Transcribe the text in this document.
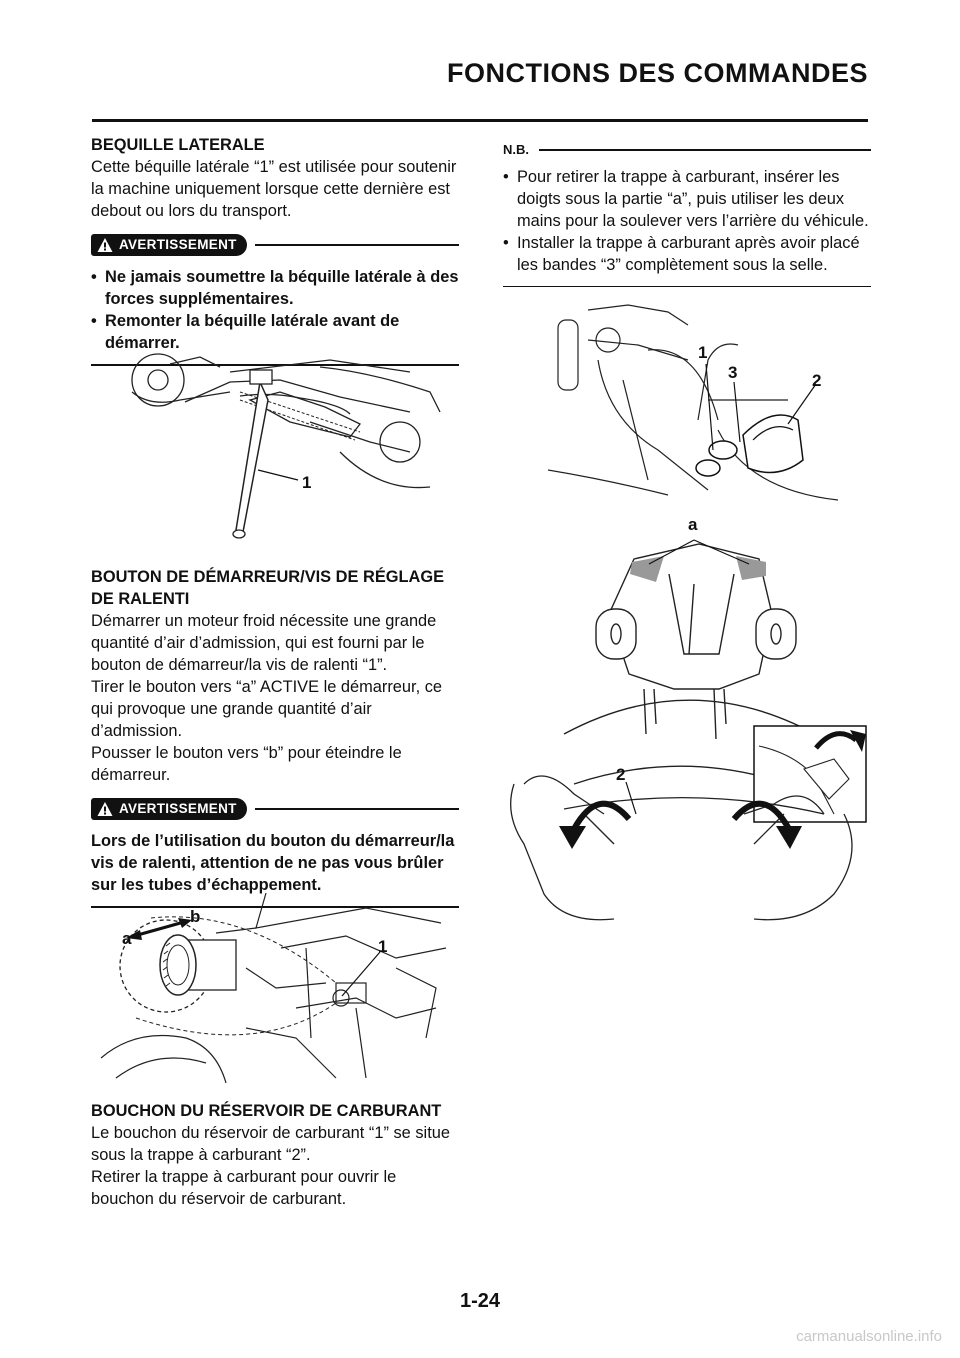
FONCTIONS DES COMMANDES

BEQUILLE LATERALE

Cette béquille latérale “1” est utilisée pour soutenir la machine uniquement lorsque cette dernière est debout ou lors du transport.

AVERTISSEMENT
• Ne jamais soumettre la béquille latérale à des forces supplémentaires.
• Remonter la béquille latérale avant de démarrer.
1

BOUTON DE DÉMARREUR/VIS DE RÉGLAGE DE RALENTI

Démarrer un moteur froid nécessite une grande quantité d’air d’admission, qui est fourni par le bouton de démarreur/la vis de ralenti “1”.

Tirer le bouton vers “a” ACTIVE le démarreur, ce qui provoque une grande quantité d’air d’admission.

Pousser le bouton vers “b” pour éteindre le démarreur.

AVERTISSEMENT
Lors de l’utilisation du bouton du démarreur/la vis de ralenti, attention de ne pas vous brûler sur les tubes d’échappement.
a
b
1

BOUCHON DU RÉSERVOIR DE CARBURANT

Le bouchon du réservoir de carburant “1” se situe sous la trappe à carburant “2”.

Retirer la trappe à carburant pour ouvrir le bouchon du réservoir de carburant.

N.B.
• Pour retirer la trappe à carburant, insérer les doigts sous la partie “a”, puis utiliser les deux mains pour la soulever vers l’arrière du véhicule.
• Installer la trappe à carburant après avoir placé les bandes “3” complètement sous la selle.
1
3	2
a
2
1-24
carmanualsonline.info
